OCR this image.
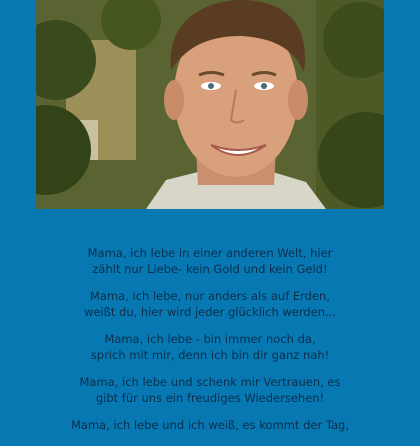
Mama, ich lebe in einer anderen Welt, hier
zählt nur Liebe- kein Gold und kein Geld!
Mama, ich lebe, nur anders als auf Erden,
weißt du, hier wird jeder glücklich werden...
Mama, ich lebe - bin immer noch da,
sprich mit mir, denn ich bin dir ganz nah!
Mama, ich lebe und schenk mir Vertrauen, es
gibt für uns ein freudiges Wiedersehen!
Mama, ich lebe und ich weiß, es kommt der Tag,
